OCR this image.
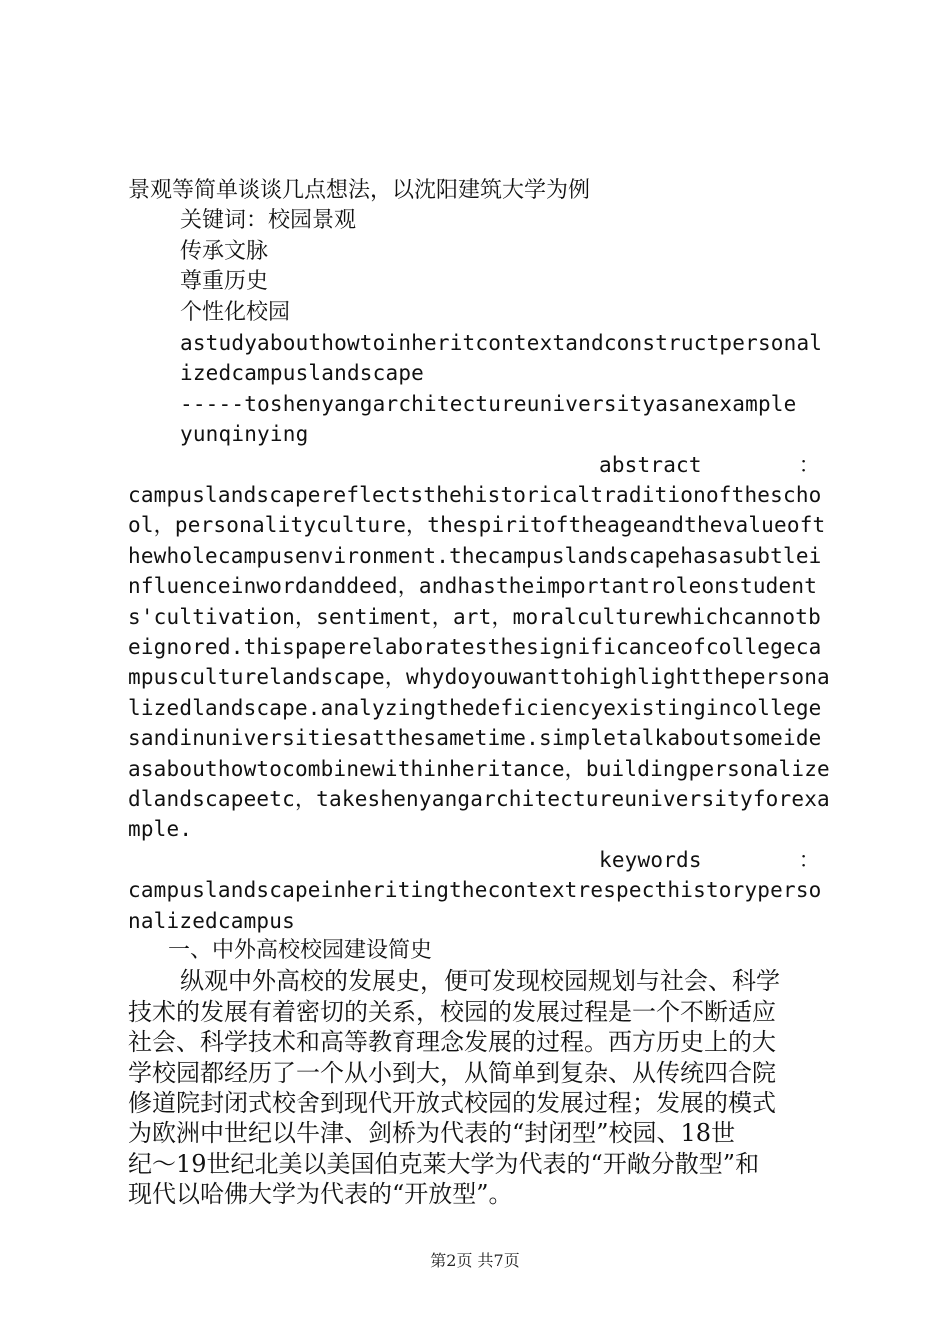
景观等简单谈谈几点想法，以沈阳建筑大学为例
关键词：校园景观
传承文脉
尊重历史
个性化校园
astudyabouthowtoinheritcontextandconstructpersonalizedcampuslandscape
-----toshenyangarchitectureuniversityasanexample
yunqinying
abstract	：
campuslandscapereflectsthehistoricaltraditionoftheschool，personalityculture，thespiritoftheageandthevalueofthewholecampusenvironment.thecampuslandscapehasasubtleinfluenceinwordanddeed，andhastheimportantroleonstudents'cultivation，sentiment，art，moralculturewhichcannotbeignored.thispaperelaboratesthesignificanceofcollegecampusculturelandscape，whydoyouwanttohighlightthepersonalizedlandscape.analyzingthedeficiencyexistingincollegesandinuniversitiesatthesametime.simpletalkaboutsomeideasabouthowtocombinewithinheritance，buildingpersonalizedlandscapeetc，takeshenyangarchitectureuniversityforexample.
keywords	：
campuslandscapeinheritingthecontextrespecthistorypersonalizedcampus
一、中外高校校园建设简史
纵观中外高校的发展史，便可发现校园规划与社会、科学
技术的发展有着密切的关系，校园的发展过程是一个不断适应
社会、科学技术和高等教育理念发展的过程。西方历史上的大
学校园都经历了一个从小到大，从简单到复杂、从传统四合院
修道院封闭式校舍到现代开放式校园的发展过程；发展的模式
为欧洲中世纪以牛津、剑桥为代表的“封闭型”校园、18世
纪～19世纪北美以美国伯克莱大学为代表的“开敞分散型”和
现代以哈佛大学为代表的“开放型”。
第2页 共7页
